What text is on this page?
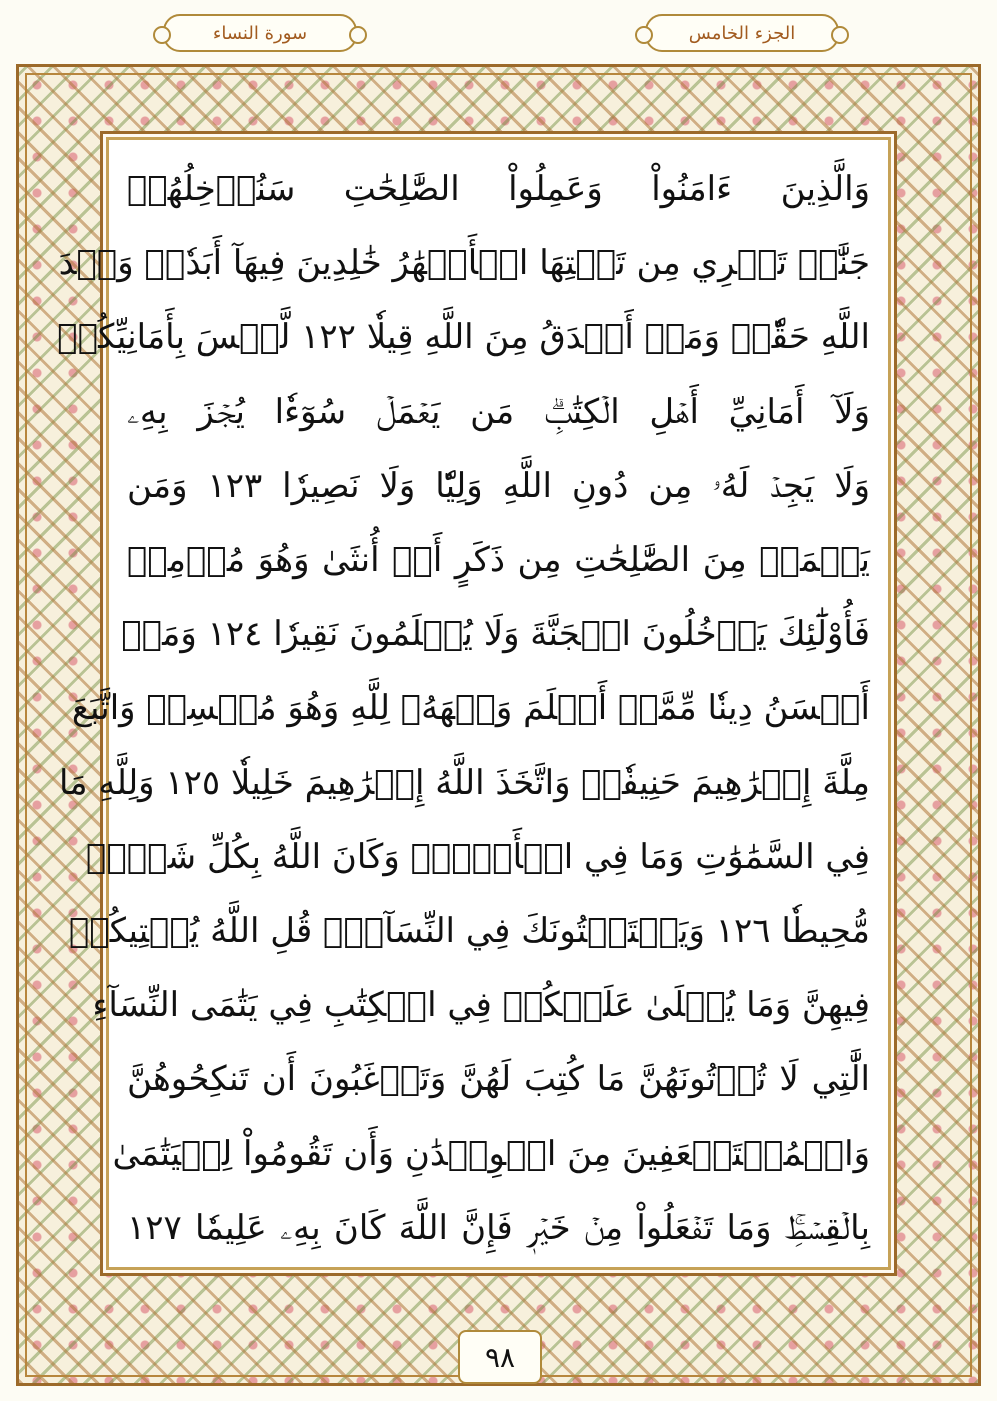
سورة النساء	الجزء الخامس
وَالَّذِينَ ءَامَنُواْ وَعَمِلُواْ الصَّٰلِحَٰتِ سَنُدۡخِلُهُمۡ
جَنَّٰتٖ تَجۡرِي مِن تَحۡتِهَا الۡأَنۡهَٰرُ خَٰلِدِينَ فِيهَآ أَبَدٗاۖ وَعۡدَ
اللَّهِ حَقّٗاۚ وَمَنۡ أَصۡدَقُ مِنَ اللَّهِ قِيلٗا ١٢٢ لَّيۡسَ بِأَمَانِيِّكُمۡ
وَلَآ أَمَانِيِّ أَهۡلِ الۡكِتَٰبِۗ مَن يَعۡمَلۡ سُوٓءٗا يُجۡزَ بِهِۦ
وَلَا يَجِدۡ لَهُۥ مِن دُونِ اللَّهِ وَلِيّٗا وَلَا نَصِيرٗا ١٢٣ وَمَن
يَعۡمَلۡ مِنَ الصَّٰلِحَٰتِ مِن ذَكَرٍ أَوۡ أُنثَىٰ وَهُوَ مُؤۡمِنٞ
فَأُوْلَٰٓئِكَ يَدۡخُلُونَ الۡجَنَّةَ وَلَا يُظۡلَمُونَ نَقِيرٗا ١٢٤ وَمَنۡ
أَحۡسَنُ دِينٗا مِّمَّنۡ أَسۡلَمَ وَجۡهَهُۥ لِلَّهِ وَهُوَ مُحۡسِنٞ وَاتَّبَعَ
مِلَّةَ إِبۡرَٰهِيمَ حَنِيفٗاۗ وَاتَّخَذَ اللَّهُ إِبۡرَٰهِيمَ خَلِيلٗا ١٢٥ وَلِلَّهِ مَا
فِي السَّمَٰوَٰتِ وَمَا فِي الۡأَرۡضِۚ وَكَانَ اللَّهُ بِكُلِّ شَيۡءٖ
مُّحِيطٗا ١٢٦ وَيَسۡتَفۡتُونَكَ فِي النِّسَآءِۖ قُلِ اللَّهُ يُفۡتِيكُمۡ
فِيهِنَّ وَمَا يُتۡلَىٰ عَلَيۡكُمۡ فِي الۡكِتَٰبِ فِي يَتَٰمَى النِّسَآءِ
الَّٰتِي لَا تُؤۡتُونَهُنَّ مَا كُتِبَ لَهُنَّ وَتَرۡغَبُونَ أَن تَنكِحُوهُنَّ
وَالۡمُسۡتَضۡعَفِينَ مِنَ الۡوِلۡدَٰنِ وَأَن تَقُومُواْ لِلۡيَتَٰمَىٰ
بِالۡقِسۡطِۚ وَمَا تَفۡعَلُواْ مِنۡ خَيۡرٖ فَإِنَّ اللَّهَ كَانَ بِهِۦ عَلِيمٗا ١٢٧
٩٨
